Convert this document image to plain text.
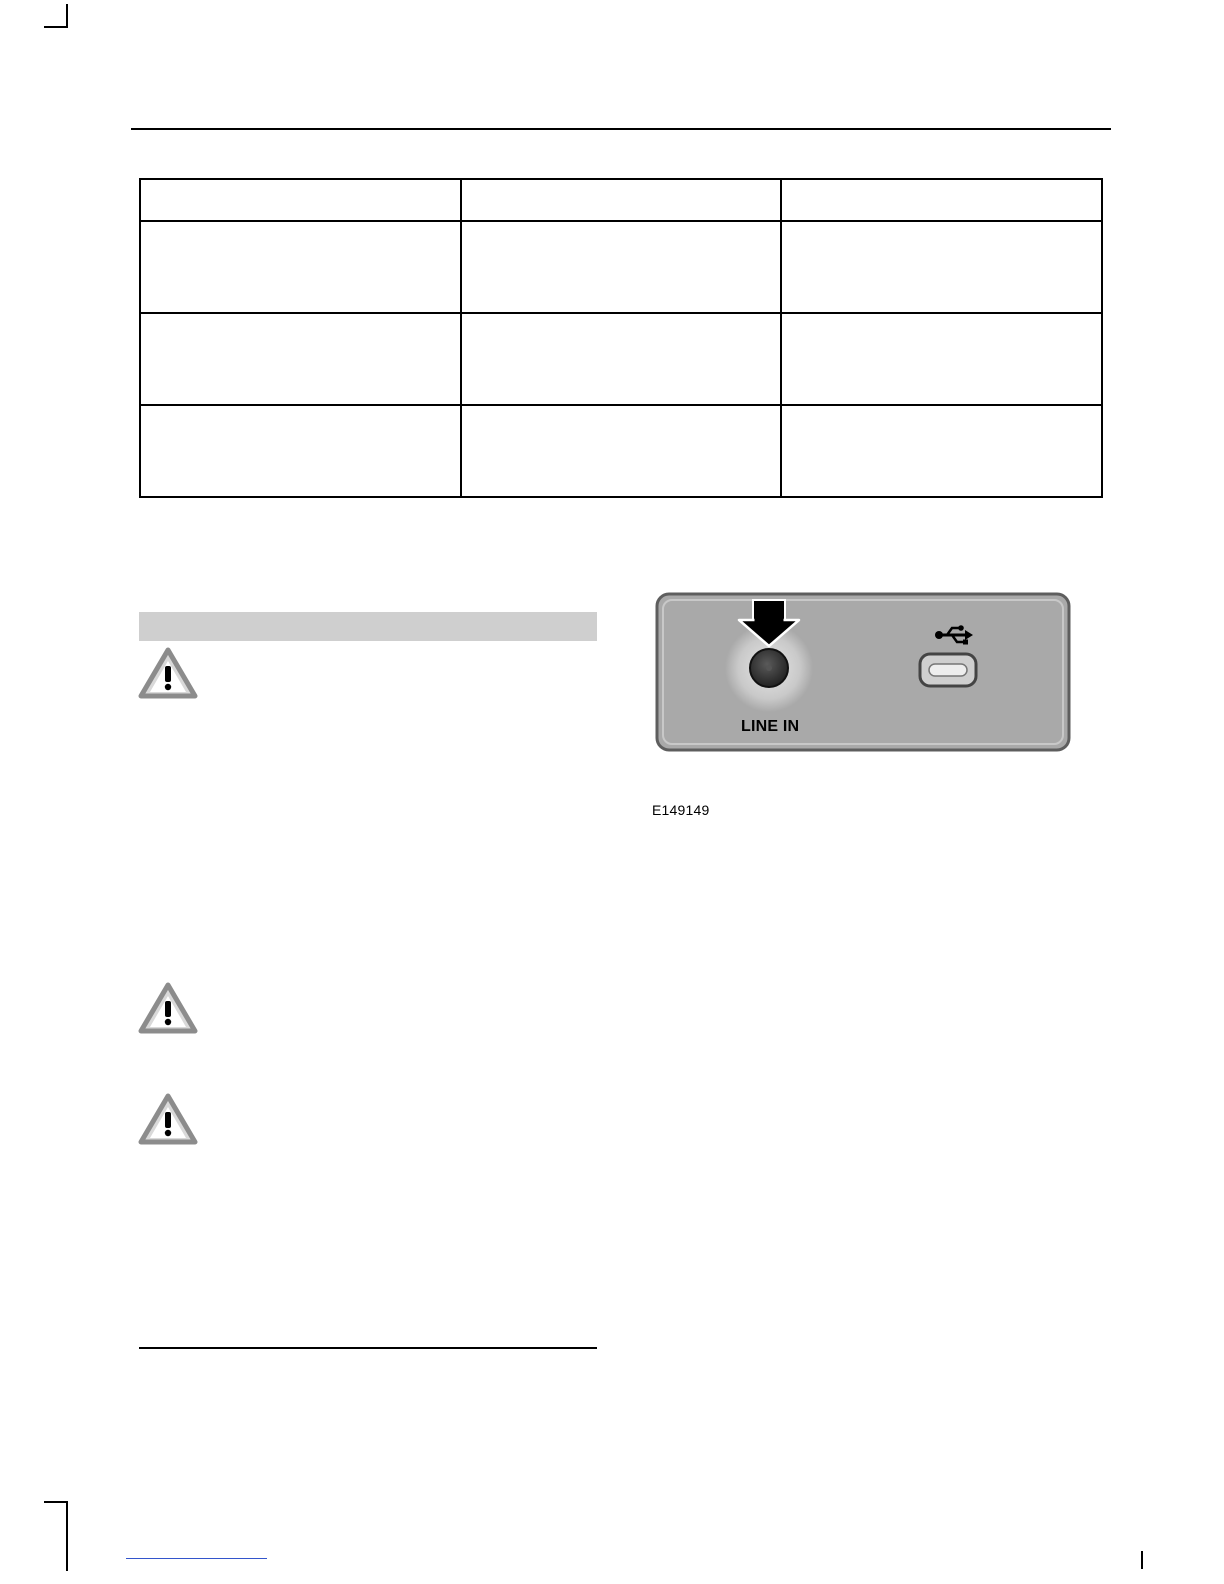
LINE IN
E149149
